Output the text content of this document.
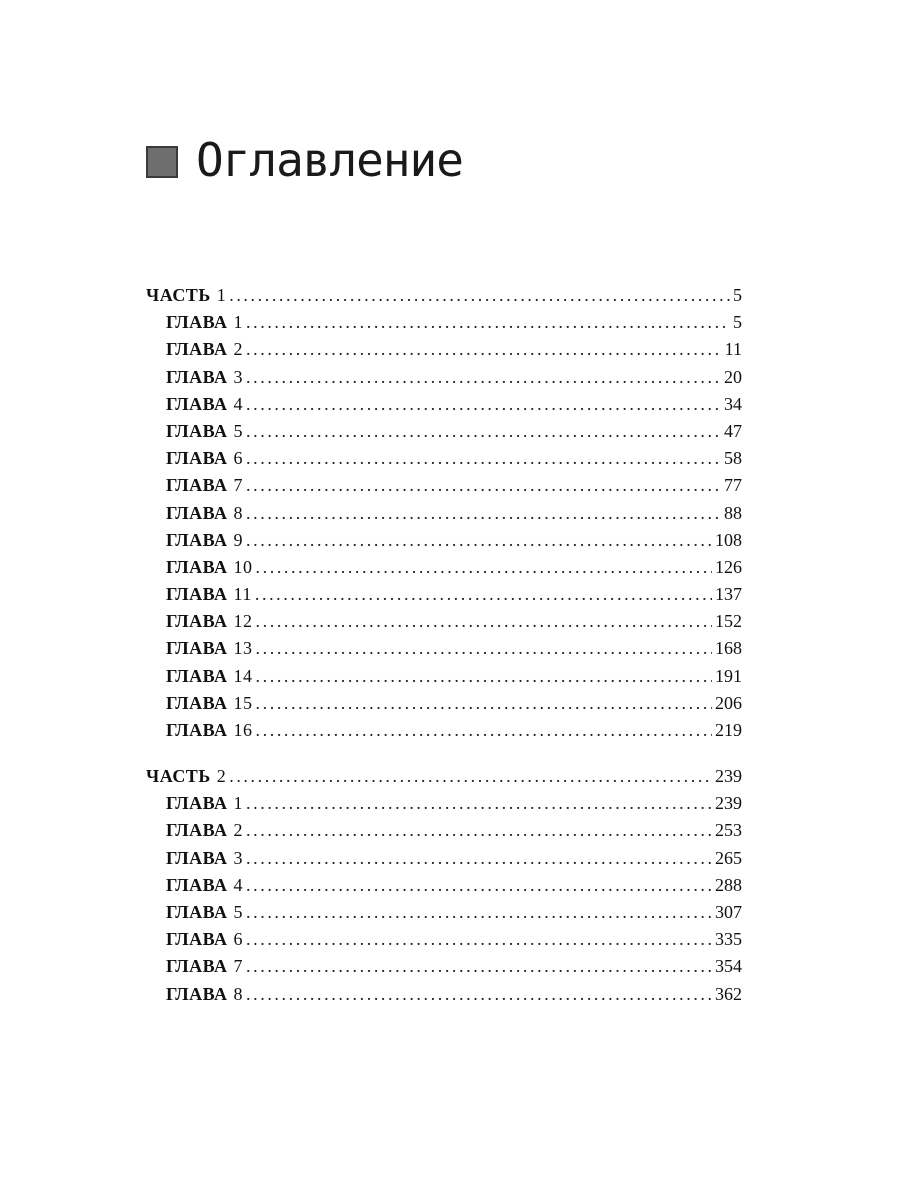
Оглавление
ЧАСТЬ 1 .....	5
ГЛАВА 1 .....	5
ГЛАВА 2 .....	11
ГЛАВА 3 .....	20
ГЛАВА 4 .....	34
ГЛАВА 5 .....	47
ГЛАВА 6 .....	58
ГЛАВА 7 .....	77
ГЛАВА 8 .....	88
ГЛАВА 9 .....	108
ГЛАВА 10 .....	126
ГЛАВА 11 .....	137
ГЛАВА 12 .....	152
ГЛАВА 13 .....	168
ГЛАВА 14 .....	191
ГЛАВА 15 .....	206
ГЛАВА 16 .....	219
ЧАСТЬ 2 .....	239
ГЛАВА 1 .....	239
ГЛАВА 2 .....	253
ГЛАВА 3 .....	265
ГЛАВА 4 .....	288
ГЛАВА 5 .....	307
ГЛАВА 6 .....	335
ГЛАВА 7 .....	354
ГЛАВА 8 .....	362
